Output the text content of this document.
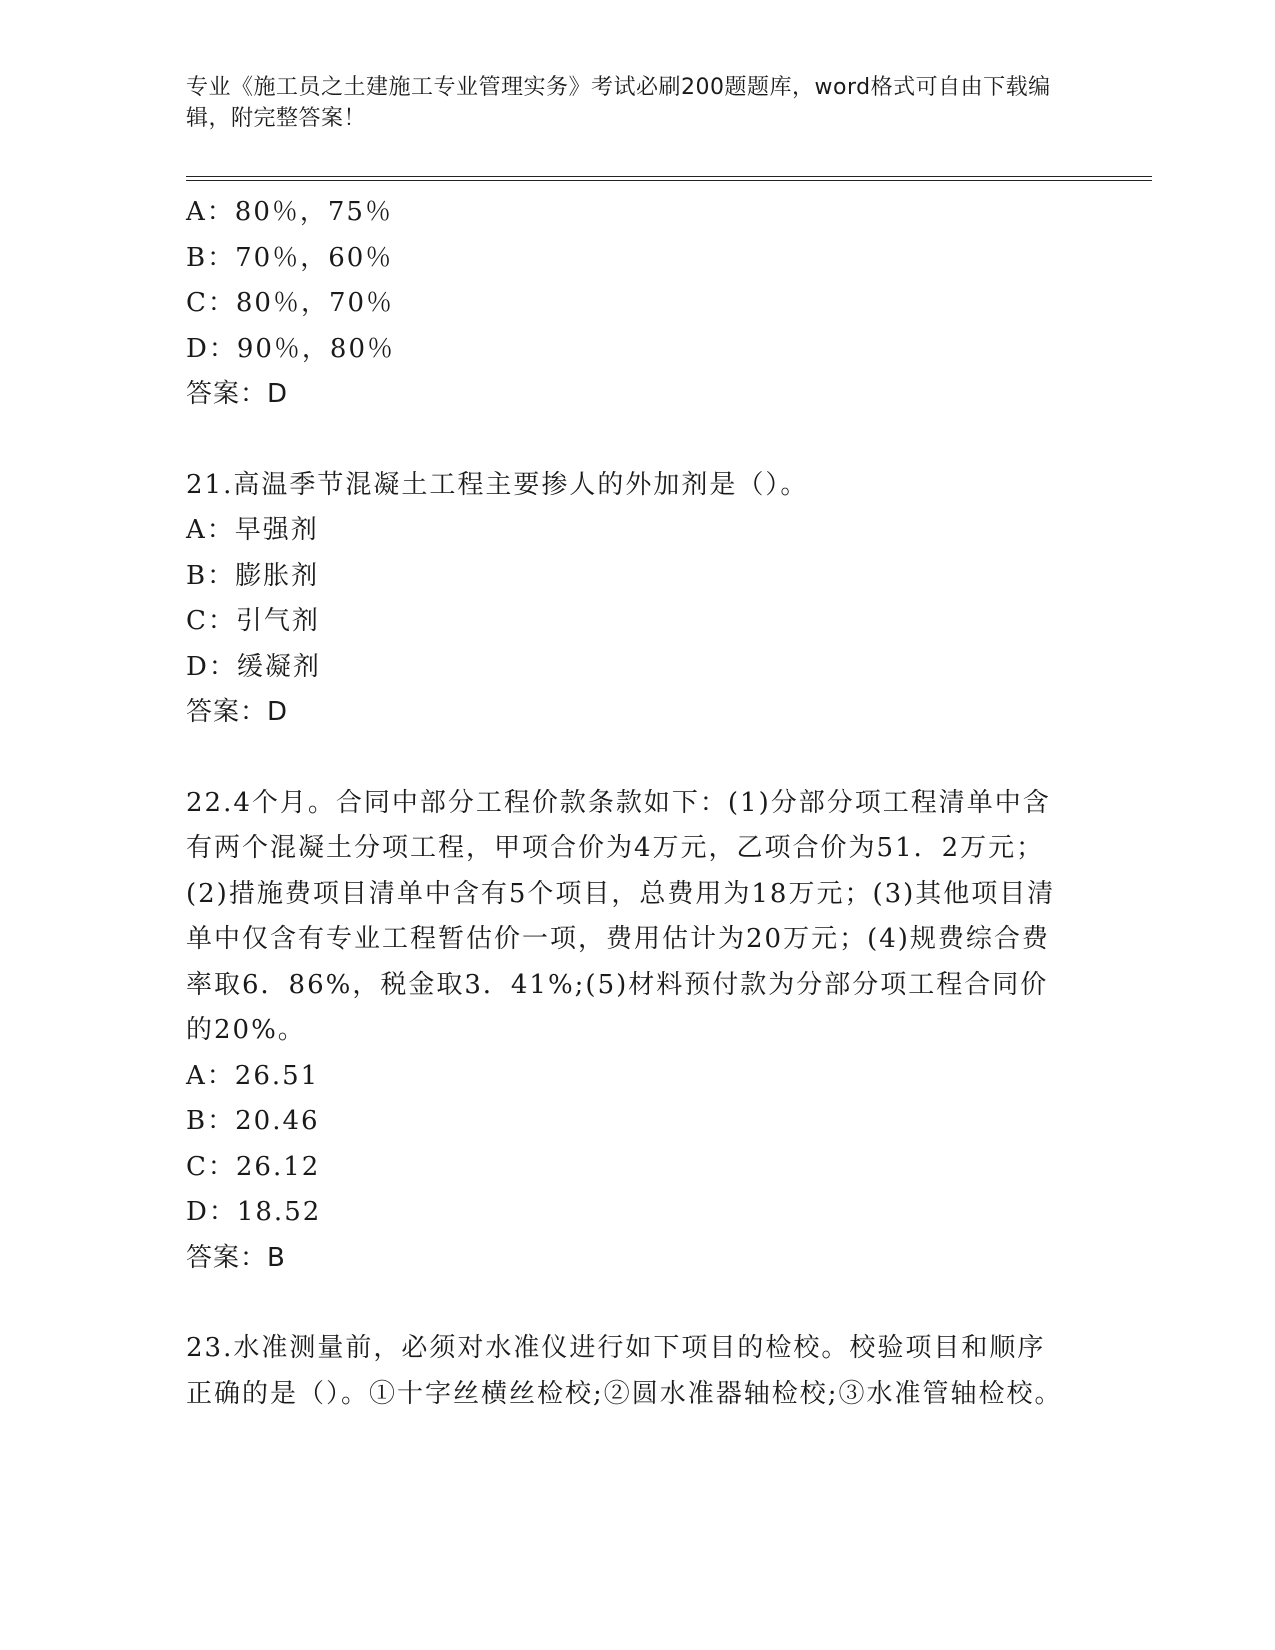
专业《施工员之土建施工专业管理实务》考试必刷200题题库，word格式可自由下载编辑，附完整答案！
A：80％，75％
B：70％，60％
C：80％，70％
D：90％，80％
答案：D
21.高温季节混凝土工程主要掺人的外加剂是（）。
A：早强剂
B：膨胀剂
C：引气剂
D：缓凝剂
答案：D
22.4个月。合同中部分工程价款条款如下：(1)分部分项工程清单中含有两个混凝土分项工程，甲项合价为4万元，乙项合价为51．2万元；(2)措施费项目清单中含有5个项目，总费用为18万元；(3)其他项目清单中仅含有专业工程暂估价一项，费用估计为20万元；(4)规费综合费率取6．86%，税金取3．41%;(5)材料预付款为分部分项工程合同价的20%。
A：26.51
B：20.46
C：26.12
D：18.52
答案：B
23.水准测量前，必须对水准仪进行如下项目的检校。校验项目和顺序正确的是（）。①十字丝横丝检校;②圆水准器轴检校;③水准管轴检校。
